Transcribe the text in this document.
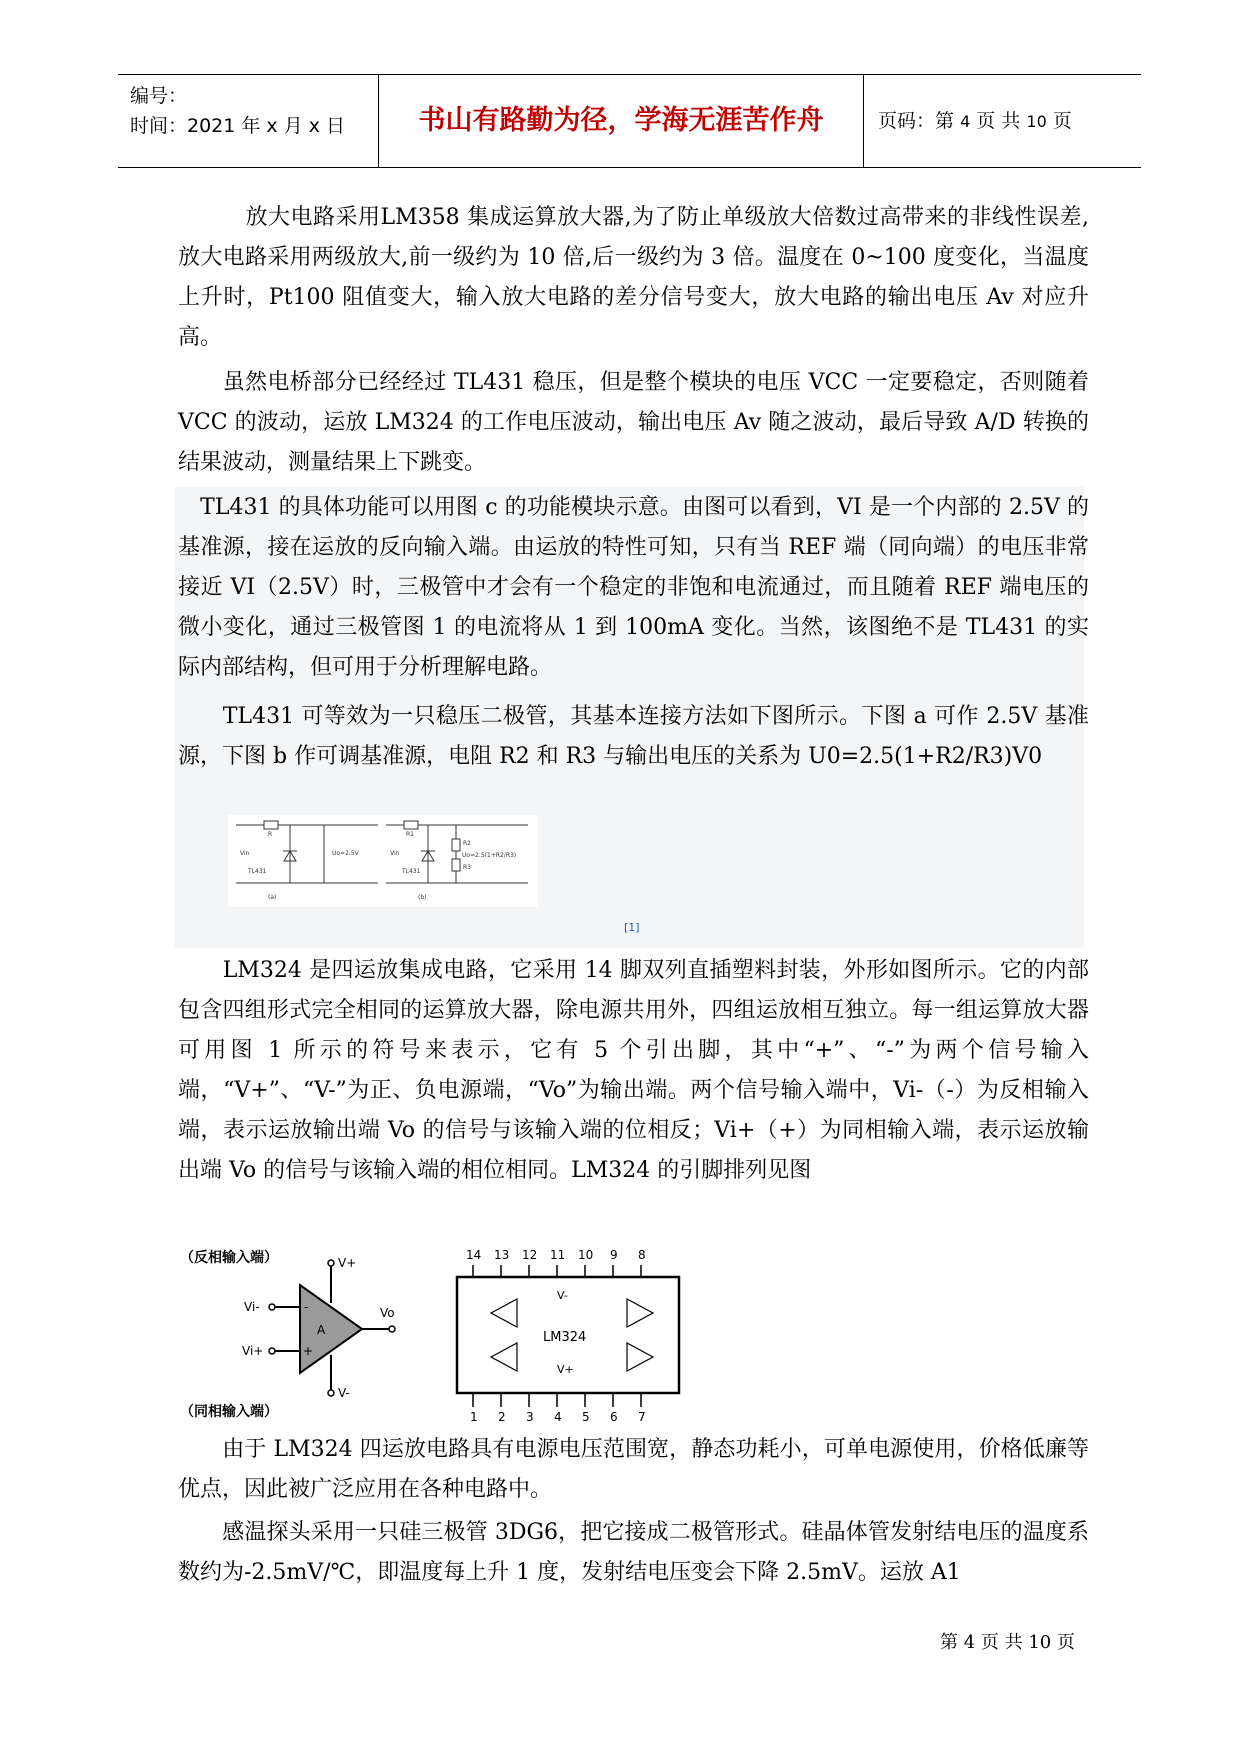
编号：
时间：2021 年 x 月 x 日	书山有路勤为径，学海无涯苦作舟	页码：第 4 页 共 10 页

　　　放大电路采用LM358 集成运算放大器,为了防止单级放大倍数过高带来的非线性误差,放大电路采用两级放大,前一级约为 10 倍,后一级约为 3 倍。温度在 0~100 度变化，当温度上升时，Pt100 阻值变大，输入放大电路的差分信号变大，放大电路的输出电压 Av 对应升高。

　　虽然电桥部分已经经过 TL431 稳压，但是整个模块的电压 VCC 一定要稳定，否则随着 VCC 的波动，运放 LM324 的工作电压波动，输出电压 Av 随之波动，最后导致 A/D 转换的结果波动，测量结果上下跳变。

　TL431 的具体功能可以用图 c 的功能模块示意。由图可以看到，VI 是一个内部的 2.5V 的基准源，接在运放的反向输入端。由运放的特性可知，只有当 REF 端（同向端）的电压非常接近 VI（2.5V）时，三极管中才会有一个稳定的非饱和电流通过，而且随着 REF 端电压的微小变化，通过三极管图 1 的电流将从 1 到 100mA 变化。当然，该图绝不是 TL431 的实际内部结构，但可用于分析理解电路。

　　TL431 可等效为一只稳压二极管，其基本连接方法如下图所示。下图 a 可作 2.5V 基准源，下图 b 作可调基准源，电阻 R2 和 R3 与输出电压的关系为 U0=2.5(1+R2/R3)V0

R
Vin
TL431
Uo=2.5V
(a)
R1
Vin
TL431
R2
R3
Uo=2.5(1+R2/R3)
(b)
[1]

　　LM324 是四运放集成电路，它采用 14 脚双列直插塑料封装，外形如图所示。它的内部包含四组形式完全相同的运算放大器，除电源共用外，四组运放相互独立。每一组运算放大器可用图 1 所示的符号来表示，它有 5 个引出脚，其中“+”、“-”为两个信号输入端，“V+”、“V-”为正、负电源端，“Vo”为输出端。两个信号输入端中，Vi-（-）为反相输入端，表示运放输出端 Vo 的信号与该输入端的位相反；Vi+（+）为同相输入端，表示运放输出端 Vo 的信号与该输入端的相位相同。LM324 的引脚排列见图

（反相输入端）
（同相输入端）
Vi-
Vi+
V+
V-
Vo
A
-
+
V-
LM324
V+
14 13 12 11 10 9 8
1 2 3 4 5 6 7

　　由于 LM324 四运放电路具有电源电压范围宽，静态功耗小，可单电源使用，价格低廉等优点，因此被广泛应用在各种电路中。

　　感温探头采用一只硅三极管 3DG6，把它接成二极管形式。硅晶体管发射结电压的温度系数约为-2.5mV/℃，即温度每上升 1 度，发射结电压变会下降 2.5mV。运放 A1

第 4 页 共 10 页
